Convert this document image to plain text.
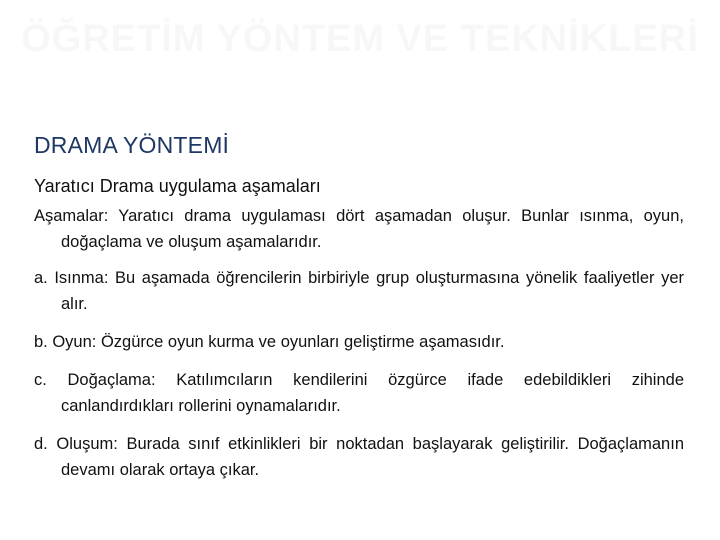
ÖĞRETİM YÖNTEM VE TEKNİKLERİ
DRAMA YÖNTEMİ
Yaratıcı Drama uygulama aşamaları

Aşamalar: Yaratıcı drama uygulaması dört aşamadan oluşur. Bunlar ısınma, oyun, doğaçlama ve oluşum aşamalarıdır.

a. Isınma: Bu aşamada öğrencilerin birbiriyle grup oluşturmasına yönelik faaliyetler yer alır.

b. Oyun: Özgürce oyun kurma ve oyunları geliştirme aşamasıdır.

c. Doğaçlama: Katılımcıların kendilerini özgürce ifade edebildikleri zihinde canlandırdıkları rollerini oynamalarıdır.

d. Oluşum: Burada sınıf etkinlikleri bir noktadan başlayarak geliştirilir. Doğaçlamanın devamı olarak ortaya çıkar.
